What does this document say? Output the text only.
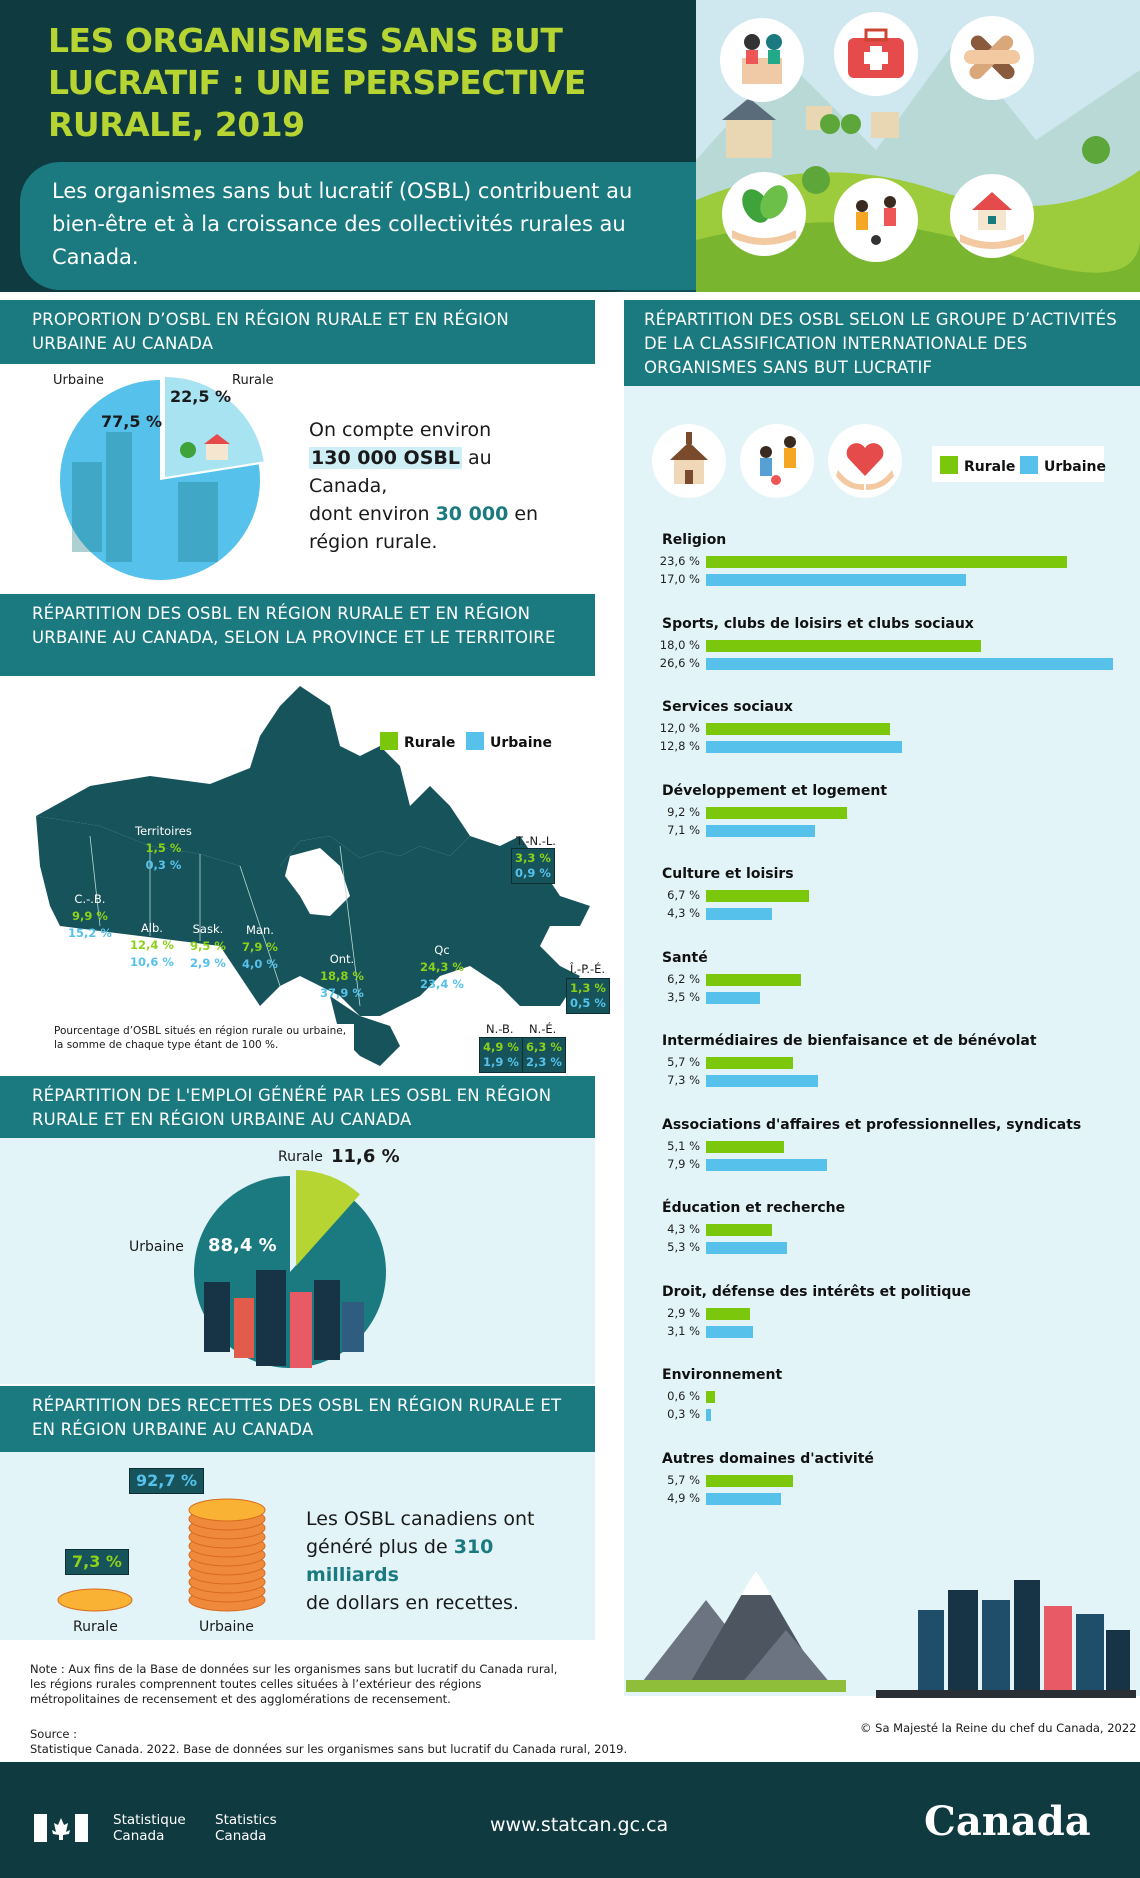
LES ORGANISMES SANS BUT LUCRATIF : UNE PERSPECTIVE RURALE, 2019
Les organismes sans but lucratif (OSBL) contribuent au bien-être et à la croissance des collectivités rurales au Canada.
PROPORTION D’OSBL EN RÉGION RURALE ET EN RÉGION URBAINE AU CANADA
Urbaine	Rurale
77,5 %
22,5 %
On compte environ
130 000 OSBL au Canada,
dont environ 30 000 en
région rurale.
RÉPARTITION DES OSBL EN RÉGION RURALE ET EN RÉGION URBAINE AU CANADA, SELON LA PROVINCE ET LE TERRITOIRE
Rurale	Urbaine
Territoires
1,5 %
0,3 %
C.-.B.
9,9 %
15,2 %	Alb.
12,4 %
10,6 %
Sask.
9,5 %
2,9 %
Man.
7,9 %
4,0 %	Ont.
18,8 %
37,9 %
Qc
24,3 %
23,4 %
T.-N.-L.
3,3 %
0,9 %
Î.-P.-É.
1,3 %
0,5 %
N.-B.
4,9 %
1,9 %
N.-É.
6,3 %
2,3 %
Pourcentage d’OSBL situés en région rurale ou urbaine, la somme de chaque type étant de 100 %.
RÉPARTITION DE L'EMPLOI GÉNÉRÉ PAR LES OSBL EN RÉGION RURALE ET EN RÉGION URBAINE AU CANADA
Rurale 11,6 %
Urbaine 88,4 %
RÉPARTITION DES RECETTES DES OSBL EN RÉGION RURALE ET EN RÉGION URBAINE AU CANADA
7,3 %
92,7 %
Rurale	Urbaine
Les OSBL canadiens ont
généré plus de 310 milliards
de dollars en recettes.
RÉPARTITION DES OSBL SELON LE GROUPE D’ACTIVITÉS DE LA CLASSIFICATION INTERNATIONALE DES ORGANISMES SANS BUT LUCRATIF
Rurale	Urbaine
Religion
23,6 %
17,0 %
Sports, clubs de loisirs et clubs sociaux
18,0 %
26,6 %
Services sociaux
12,0 %
12,8 %
Développement et logement
9,2 %
7,1 %
Culture et loisirs
6,7 %
4,3 %
Santé
6,2 %
3,5 %
Intermédiaires de bienfaisance et de bénévolat
5,7 %
7,3 %
Associations d'affaires et professionnelles, syndicats
5,1 %
7,9 %
Éducation et recherche
4,3 %
5,3 %
Droit, défense des intérêts et politique
2,9 %
3,1 %
Environnement
0,6 %
0,3 %
Autres domaines d'activité
5,7 %
4,9 %
Note : Aux fins de la Base de données sur les organismes sans but lucratif du Canada rural, les régions rurales comprennent toutes celles situées à l’extérieur des régions métropolitaines de recensement et des agglomérations de recensement.
Source :
Statistique Canada. 2022. Base de données sur les organismes sans but lucratif du Canada rural, 2019.
© Sa Majesté la Reine du chef du Canada, 2022
Statistique
Canada
Statistics
Canada	www.statcan.gc.ca	Canada
